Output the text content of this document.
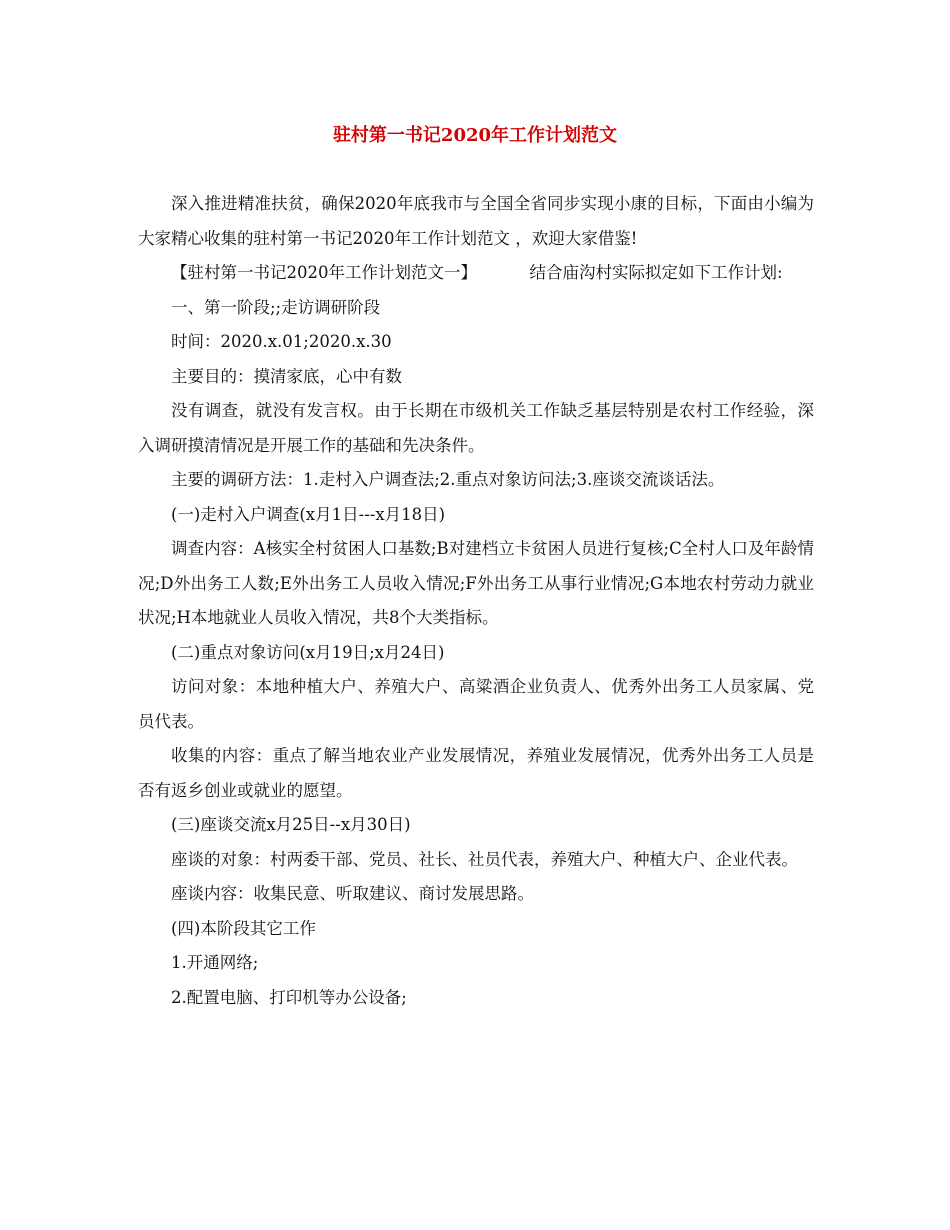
驻村第一书记2020年工作计划范文

深入推进精准扶贫，确保2020年底我市与全国全省同步实现小康的目标，下面由小编为大家精心收集的驻村第一书记2020年工作计划范文 ，欢迎大家借鉴!

【驻村第一书记2020年工作计划范文一】	结合庙沟村实际拟定如下工作计划:

一、第一阶段;;走访调研阶段

时间：2020.x.01;2020.x.30

主要目的：摸清家底，心中有数

没有调查，就没有发言权。由于长期在市级机关工作缺乏基层特别是农村工作经验，深入调研摸清情况是开展工作的基础和先决条件。

主要的调研方法：1.走村入户调查法;2.重点对象访问法;3.座谈交流谈话法。

(一)走村入户调查(x月1日---x月18日)

调查内容：A核实全村贫困人口基数;B对建档立卡贫困人员进行复核;C全村人口及年龄情况;D外出务工人数;E外出务工人员收入情况;F外出务工从事行业情况;G本地农村劳动力就业状况;H本地就业人员收入情况，共8个大类指标。

(二)重点对象访问(x月19日;x月24日)

访问对象：本地种植大户、养殖大户、高粱酒企业负责人、优秀外出务工人员家属、党员代表。

收集的内容：重点了解当地农业产业发展情况，养殖业发展情况，优秀外出务工人员是否有返乡创业或就业的愿望。

(三)座谈交流x月25日--x月30日)

座谈的对象：村两委干部、党员、社长、社员代表，养殖大户、种植大户、企业代表。

座谈内容：收集民意、听取建议、商讨发展思路。

(四)本阶段其它工作

1.开通网络;

2.配置电脑、打印机等办公设备;
